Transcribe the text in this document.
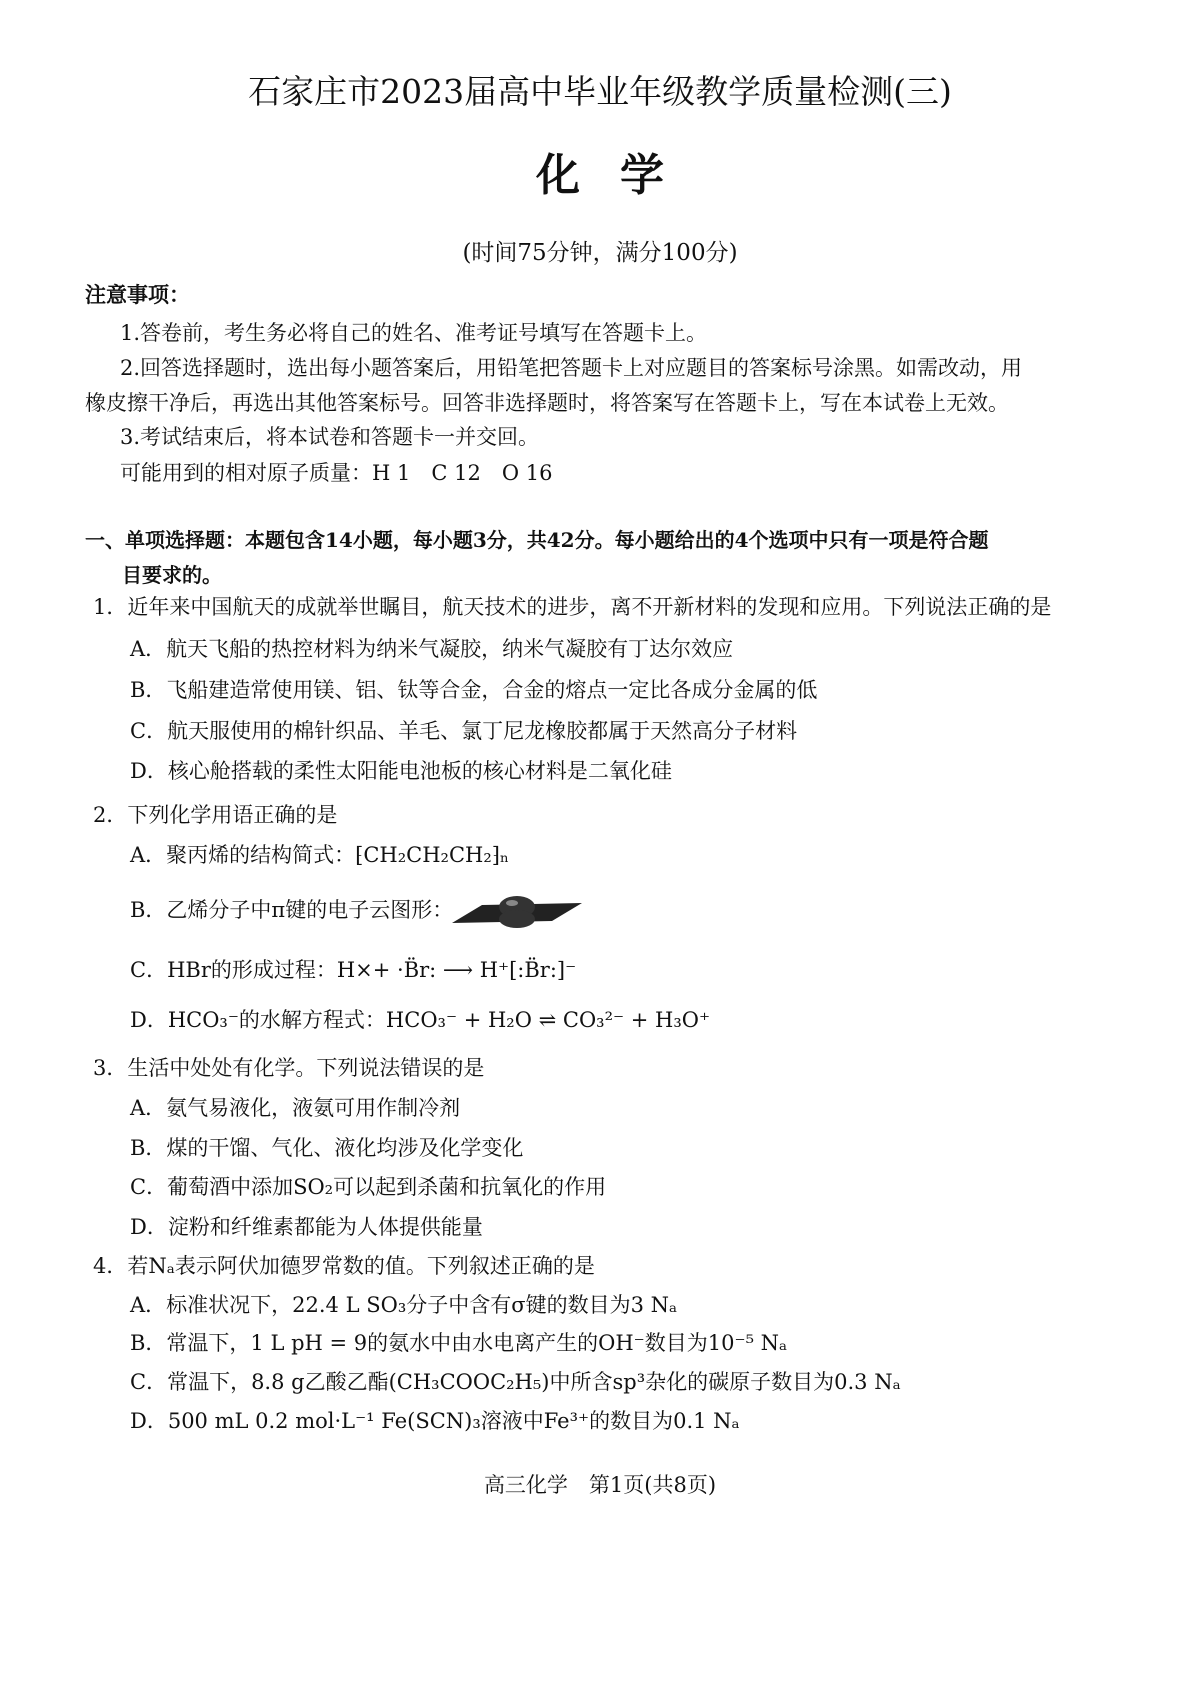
石家庄市2023届高中毕业年级教学质量检测(三)
化学
(时间75分钟，满分100分)
注意事项：
1.答卷前，考生务必将自己的姓名、准考证号填写在答题卡上。
2.回答选择题时，选出每小题答案后，用铅笔把答题卡上对应题目的答案标号涂黑。如需改动，用
橡皮擦干净后，再选出其他答案标号。回答非选择题时，将答案写在答题卡上，写在本试卷上无效。
3.考试结束后，将本试卷和答题卡一并交回。
可能用到的相对原子质量：H 1　C 12　O 16
一、单项选择题：本题包含14小题，每小题3分，共42分。每小题给出的4个选项中只有一项是符合题
目要求的。
1．近年来中国航天的成就举世瞩目，航天技术的进步，离不开新材料的发现和应用。下列说法正确的是
A．航天飞船的热控材料为纳米气凝胶，纳米气凝胶有丁达尔效应
B．飞船建造常使用镁、铝、钛等合金，合金的熔点一定比各成分金属的低
C．航天服使用的棉针织品、羊毛、氯丁尼龙橡胶都属于天然高分子材料
D．核心舱搭载的柔性太阳能电池板的核心材料是二氧化硅
2．下列化学用语正确的是
A．聚丙烯的结构简式：⁅CH₂CH₂CH₂⁆ₙ
B．乙烯分子中π键的电子云图形：
C．HBr的形成过程：H×+ ·B̈r: ⟶ H⁺[:B̈r:]⁻
D．HCO₃⁻的水解方程式：HCO₃⁻ + H₂O ⇌ CO₃²⁻ + H₃O⁺
3．生活中处处有化学。下列说法错误的是
A．氨气易液化，液氨可用作制冷剂
B．煤的干馏、气化、液化均涉及化学变化
C．葡萄酒中添加SO₂可以起到杀菌和抗氧化的作用
D．淀粉和纤维素都能为人体提供能量
4．若Nₐ表示阿伏加德罗常数的值。下列叙述正确的是
A．标准状况下，22.4 L SO₃分子中含有σ键的数目为3 Nₐ
B．常温下，1 L pH = 9的氨水中由水电离产生的OH⁻数目为10⁻⁵ Nₐ
C．常温下，8.8 g乙酸乙酯(CH₃COOC₂H₅)中所含sp³杂化的碳原子数目为0.3 Nₐ
D．500 mL 0.2 mol·L⁻¹ Fe(SCN)₃溶液中Fe³⁺的数目为0.1 Nₐ
高三化学　第1页(共8页)
